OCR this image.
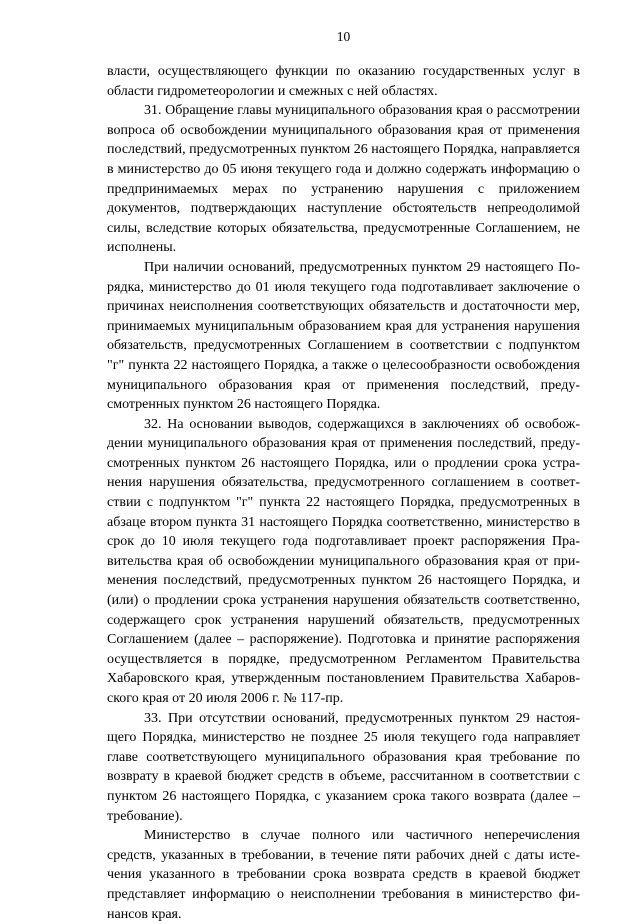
10

власти, осуществляющего функции по оказанию государственных услуг в области гидрометеорологии и смежных с ней областях.

31. Обращение главы муниципального образования края о рассмотрении вопроса об освобождении муниципального образования края от применения последствий, предусмотренных пунктом 26 настоящего Порядка, направляется в министерство до 05 июня текущего года и должно содержать информацию о предпринимаемых мерах по устранению нарушения с приложением документов, подтверждающих наступление обстоятельств непреодолимой силы, вследствие которых обязательства, предусмотренные Соглашением, не исполнены.

При наличии оснований, предусмотренных пунктом 29 настоящего Порядка, министерство до 01 июля текущего года подготавливает заключение о причинах неисполнения соответствующих обязательств и достаточности мер, принимаемых муниципальным образованием края для устранения нарушения обязательств, предусмотренных Соглашением в соответствии с подпунктом "г" пункта 22 настоящего Порядка, а также о целесообразности освобождения муниципального образования края от применения последствий, предусмотренных пунктом 26 настоящего Порядка.

32. На основании выводов, содержащихся в заключениях об освобождении муниципального образования края от применения последствий, предусмотренных пунктом 26 настоящего Порядка, или о продлении срока устранения нарушения обязательства, предусмотренного соглашением в соответствии с подпунктом "г" пункта 22 настоящего Порядка, предусмотренных в абзаце втором пункта 31 настоящего Порядка соответственно, министерство в срок до 10 июля текущего года подготавливает проект распоряжения Правительства края об освобождении муниципального образования края от применения последствий, предусмотренных пунктом 26 настоящего Порядка, и (или) о продлении срока устранения нарушения обязательств соответственно, содержащего срок устранения нарушений обязательств, предусмотренных Соглашением (далее – распоряжение). Подготовка и принятие распоряжения осуществляется в порядке, предусмотренном Регламентом Правительства Хабаровского края, утвержденным постановлением Правительства Хабаровского края от 20 июля 2006 г. № 117-пр.

33. При отсутствии оснований, предусмотренных пунктом 29 настоящего Порядка, министерство не позднее 25 июля текущего года направляет главе соответствующего муниципального образования края требование по возврату в краевой бюджет средств в объеме, рассчитанном в соответствии с пунктом 26 настоящего Порядка, с указанием срока такого возврата (далее – требование).

Министерство в случае полного или частичного неперечисления средств, указанных в требовании, в течение пяти рабочих дней с даты истечения указанного в требовании срока возврата средств в краевой бюджет представляет информацию о неисполнении требования в министерство финансов края.
